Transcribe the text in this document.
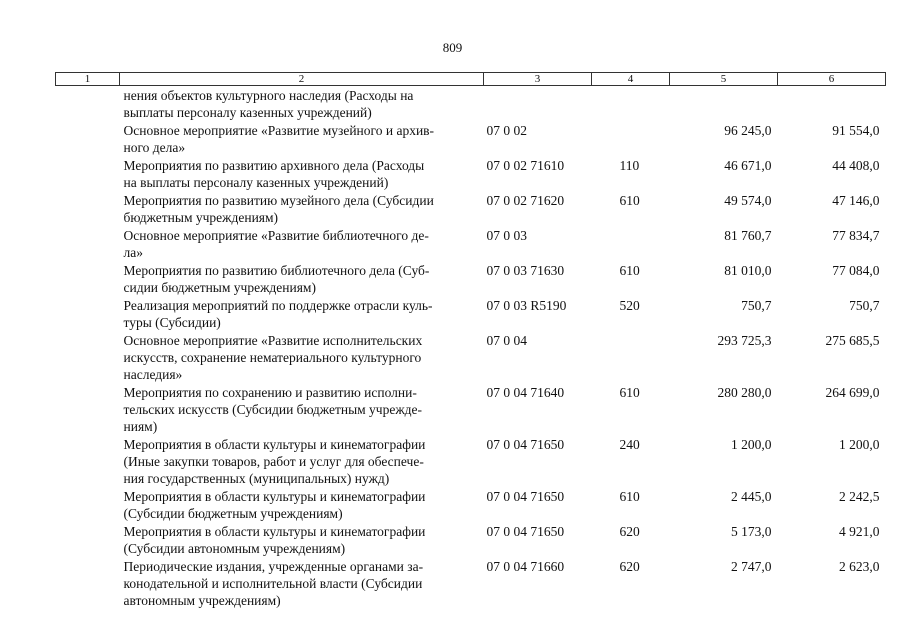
809
1	2	3	4	5	6

	нения объектов культурного наследия (Расходы на
выплаты персоналу казенных учреждений)				

	Основное мероприятие «Развитие музейного и архив-
ного дела»	07 0 02		96 245,0	91 554,0

	Мероприятия по развитию архивного дела (Расходы
на выплаты персоналу казенных учреждений)	07 0 02 71610	110	46 671,0	44 408,0

	Мероприятия по развитию музейного дела (Субсидии
бюджетным учреждениям)	07 0 02 71620	610	49 574,0	47 146,0

	Основное мероприятие «Развитие библиотечного де-
ла»	07 0 03		81 760,7	77 834,7

	Мероприятия по развитию библиотечного дела (Суб-
сидии бюджетным учреждениям)	07 0 03 71630	610	81 010,0	77 084,0

	Реализация мероприятий по поддержке отрасли куль-
туры (Субсидии)	07 0 03 R5190	520	750,7	750,7

	Основное мероприятие «Развитие исполнительских
искусств, сохранение нематериального культурного
наследия»	07 0 04		293 725,3	275 685,5

	Мероприятия по сохранению и развитию исполни-
тельских искусств (Субсидии бюджетным учрежде-
ниям)	07 0 04 71640	610	280 280,0	264 699,0

	Мероприятия в области культуры и кинематографии
(Иные закупки товаров, работ и услуг для обеспече-
ния государственных (муниципальных) нужд)	07 0 04 71650	240	1 200,0	1 200,0

	Мероприятия в области культуры и кинематографии
(Субсидии бюджетным учреждениям)	07 0 04 71650	610	2 445,0	2 242,5

	Мероприятия в области культуры и кинематографии
(Субсидии автономным учреждениям)	07 0 04 71650	620	5 173,0	4 921,0

	Периодические издания, учрежденные органами за-
конодательной и исполнительной власти (Субсидии
автономным учреждениям)	07 0 04 71660	620	2 747,0	2 623,0
